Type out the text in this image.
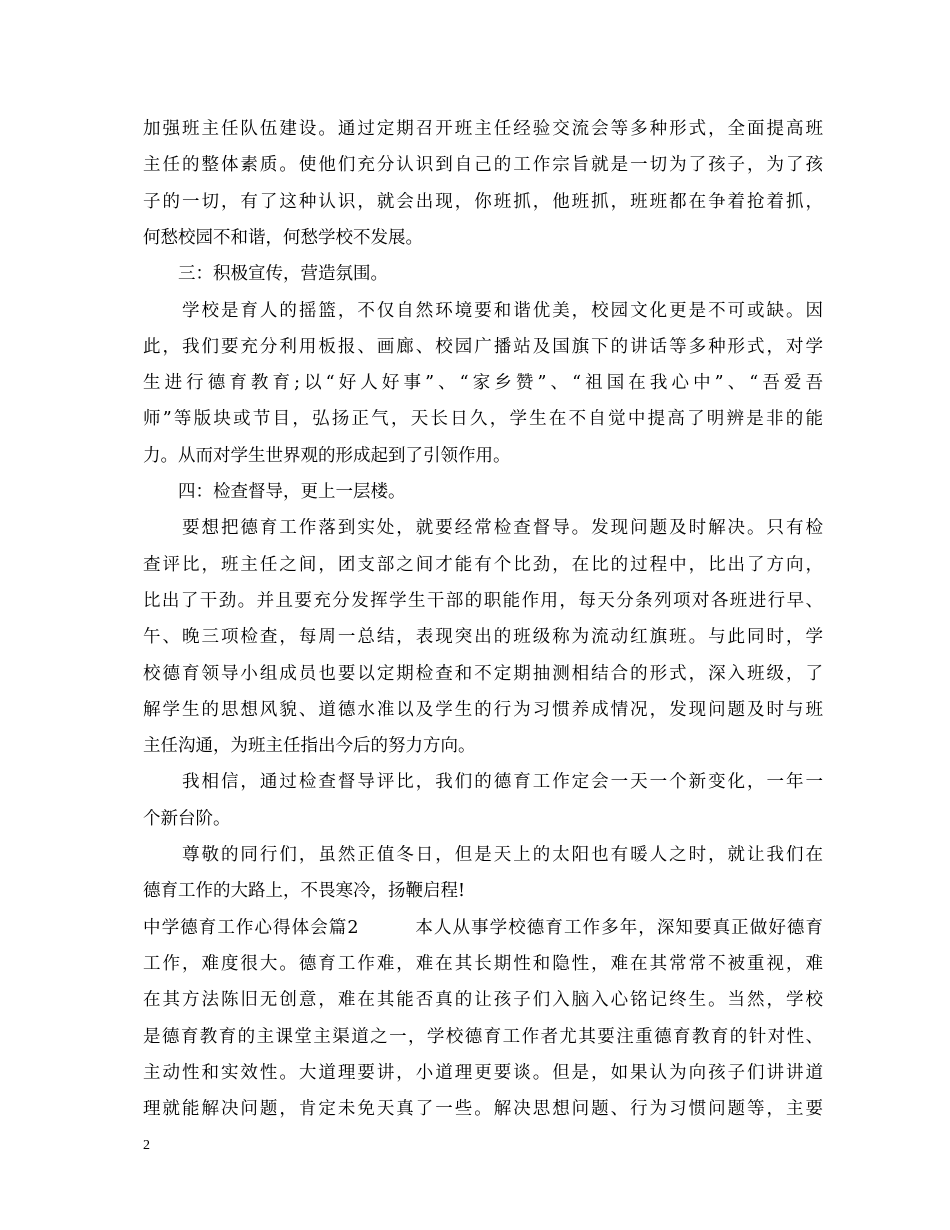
加强班主任队伍建设。通过定期召开班主任经验交流会等多种形式，全面提高班
主任的整体素质。使他们充分认识到自己的工作宗旨就是一切为了孩子，为了孩
子的一切，有了这种认识，就会出现，你班抓，他班抓，班班都在争着抢着抓，
何愁校园不和谐，何愁学校不发展。
　　三：积极宣传，营造氛围。
　　学校是育人的摇篮，不仅自然环境要和谐优美，校园文化更是不可或缺。因
此，我们要充分利用板报、画廊、校园广播站及国旗下的讲话等多种形式，对学
生进行德育教育;以“好人好事”、“家乡赞”、“祖国在我心中”、“吾爱吾
师”等版块或节目，弘扬正气，天长日久，学生在不自觉中提高了明辨是非的能
力。从而对学生世界观的形成起到了引领作用。
　　四：检查督导，更上一层楼。
　　要想把德育工作落到实处，就要经常检查督导。发现问题及时解决。只有检
查评比，班主任之间，团支部之间才能有个比劲，在比的过程中，比出了方向，
比出了干劲。并且要充分发挥学生干部的职能作用，每天分条列项对各班进行早、
午、晚三项检查，每周一总结，表现突出的班级称为流动红旗班。与此同时，学
校德育领导小组成员也要以定期检查和不定期抽测相结合的形式，深入班级，了
解学生的思想风貌、道德水准以及学生的行为习惯养成情况，发现问题及时与班
主任沟通，为班主任指出今后的努力方向。
　　我相信，通过检查督导评比，我们的德育工作定会一天一个新变化，一年一
个新台阶。
　　尊敬的同行们，虽然正值冬日，但是天上的太阳也有暖人之时，就让我们在
德育工作的大路上，不畏寒冷，扬鞭启程!
中学德育工作心得体会篇2　　　本人从事学校德育工作多年，深知要真正做好德育
工作，难度很大。德育工作难，难在其长期性和隐性，难在其常常不被重视，难
在其方法陈旧无创意，难在其能否真的让孩子们入脑入心铭记终生。当然，学校
是德育教育的主课堂主渠道之一，学校德育工作者尤其要注重德育教育的针对性、
主动性和实效性。大道理要讲，小道理更要谈。但是，如果认为向孩子们讲讲道
理就能解决问题，肯定未免天真了一些。解决思想问题、行为习惯问题等，主要
2
